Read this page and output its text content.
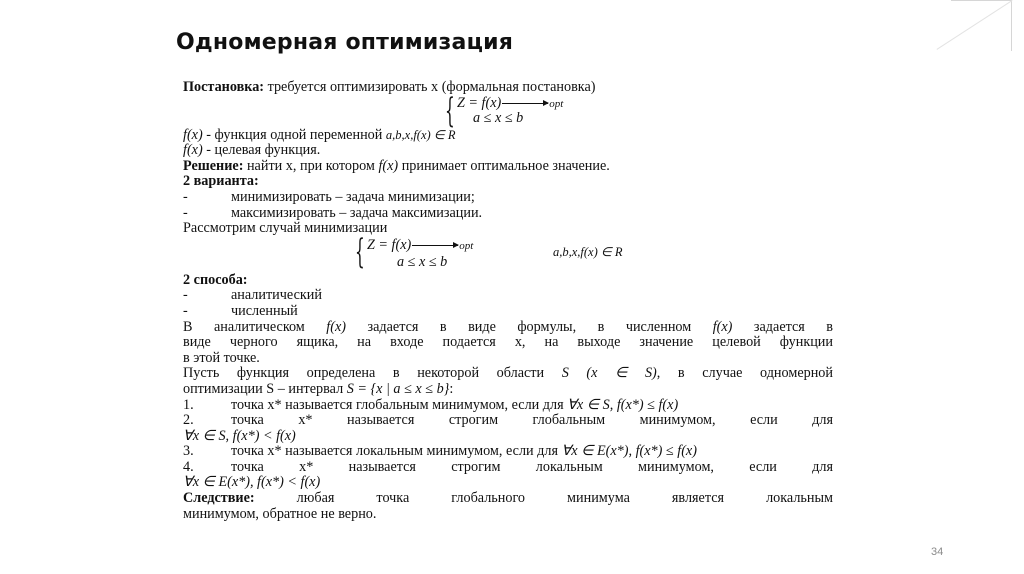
Одномерная оптимизация
Постановка: требуется оптимизировать x (формальная постановка)
{ Z = f(x)	opt
a ≤ x ≤ b
f(x) - функция одной переменной a,b,x,f(x) ∈ R
f(x) - целевая функция.
Решение: найти x, при котором f(x) принимает оптимальное значение.
2 варианта:
-	минимизировать – задача минимизации;
-	максимизировать – задача максимизации.
Рассмотрим случай минимизации
{ Z = f(x)	opt
a ≤ x ≤ b
a,b,x,f(x) ∈ R
2 способа:
-	аналитический
-	численный
В аналитическом f(x) задается в виде формулы, в численном f(x) задается в
виде черного ящика, на входе подается x, на выходе значение целевой функции
в этой точке.
Пусть функция определена в некоторой области S (x ∈ S), в случае одномерной
оптимизации S – интервал S = {x | a ≤ x ≤ b}:
1.	точка x* называется глобальным минимумом, если для ∀x ∈ S, f(x*) ≤ f(x)
2.	точка x* называется строгим глобальным минимумом, если для
∀x ∈ S, f(x*) < f(x)
3.	точка x* называется локальным минимумом, если для ∀x ∈ E(x*), f(x*) ≤ f(x)
4.	точка x* называется строгим локальным минимумом, если для
∀x ∈ E(x*), f(x*) < f(x)
Следствие:	любая точка глобального минимума является локальным
минимумом, обратное не верно.
34
